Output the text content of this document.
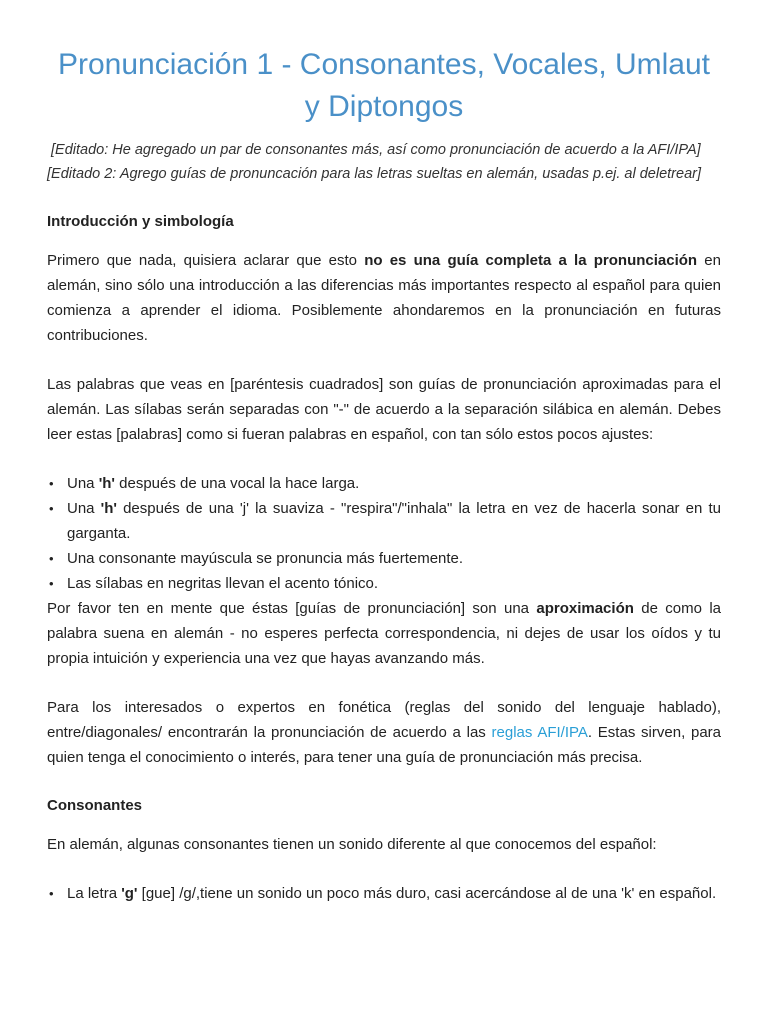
Pronunciación 1 - Consonantes, Vocales, Umlaut y Diptongos

[Editado: He agregado un par de consonantes más, así como pronunciación de acuerdo a la AFI/IPA]

[Editado 2: Agrego guías de pronuncación para las letras sueltas en alemán, usadas p.ej. al deletrear]

Introducción y simbología

Primero que nada, quisiera aclarar que esto no es una guía completa a la pronunciación en alemán, sino sólo una introducción a las diferencias más importantes respecto al español para quien comienza a aprender el idioma. Posiblemente ahondaremos en la pronunciación en futuras contribuciones.

Las palabras que veas en [paréntesis cuadrados] son guías de pronunciación aproximadas para el alemán. Las sílabas serán separadas con "-" de acuerdo a la separación silábica en alemán. Debes leer estas [palabras] como si fueran palabras en español, con tan sólo estos pocos ajustes:

• Una 'h' después de una vocal la hace larga.
• Una 'h' después de una 'j' la suaviza - "respira"/"inhala" la letra en vez de hacerla sonar en tu garganta.
• Una consonante mayúscula se pronuncia más fuertemente.
• Las sílabas en negritas llevan el acento tónico.

Por favor ten en mente que éstas [guías de pronunciación] son una aproximación de como la palabra suena en alemán - no esperes perfecta correspondencia, ni dejes de usar los oídos y tu propia intuición y experiencia una vez que hayas avanzando más.

Para los interesados o expertos en fonética (reglas del sonido del lenguaje hablado), entre/diagonales/ encontrarán la pronunciación de acuerdo a las reglas AFI/IPA. Estas sirven, para quien tenga el conocimiento o interés, para tener una guía de pronunciación más precisa.

Consonantes

En alemán, algunas consonantes tienen un sonido diferente al que conocemos del español:

• La letra 'g' [gue] /g/,tiene un sonido un poco más duro, casi acercándose al de una 'k' en español.
